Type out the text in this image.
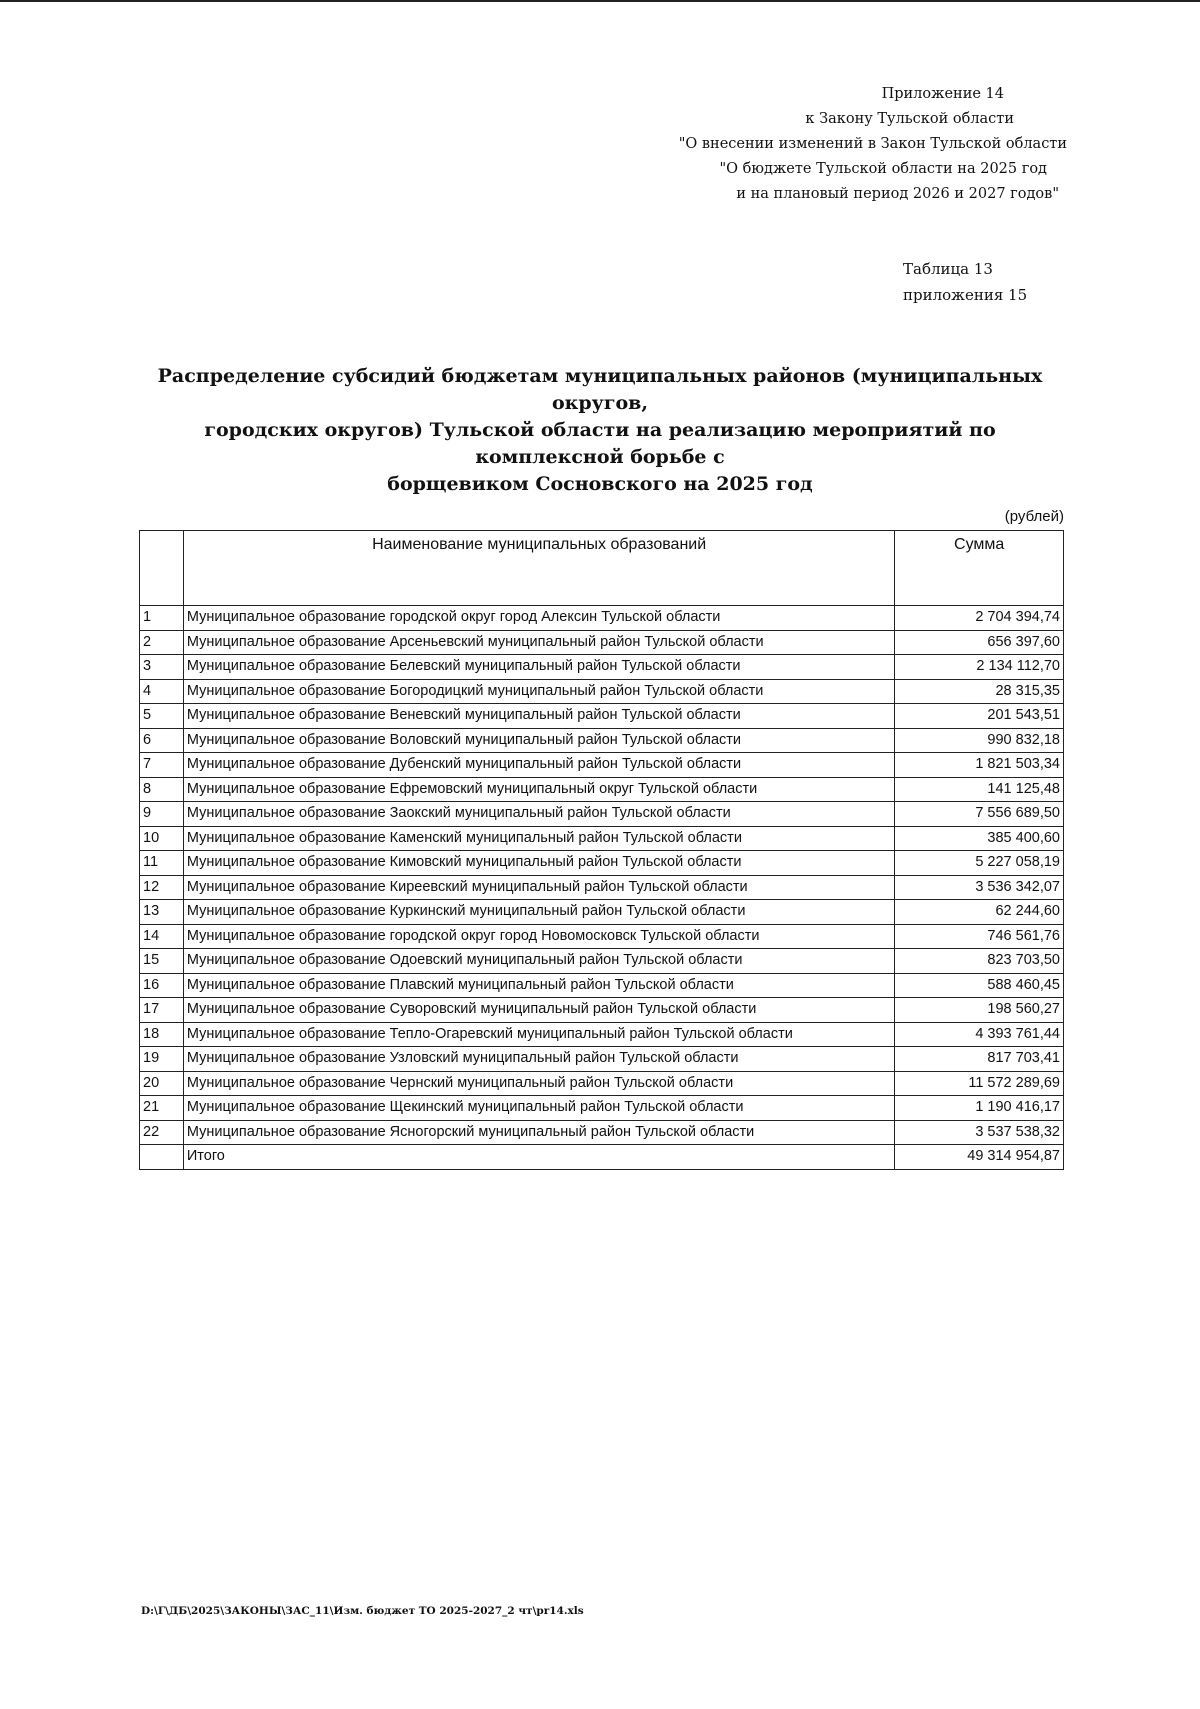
Приложение 14
к Закону Тульской области
"О внесении изменений в Закон Тульской области
"О бюджете Тульской области на 2025 год
и на плановый период 2026 и 2027 годов"
Таблица 13
приложения 15
Распределение субсидий бюджетам муниципальных районов (муниципальных округов,
городских округов) Тульской области на реализацию мероприятий по комплексной борьбе с
борщевиком Сосновского на 2025 год
(рублей)
	Наименование муниципальных образований	Сумма
1	Муниципальное образование городской округ город Алексин Тульской области	2 704 394,74
2	Муниципальное образование Арсеньевский муниципальный район Тульской области	656 397,60
3	Муниципальное образование Белевский муниципальный район Тульской области	2 134 112,70
4	Муниципальное образование Богородицкий муниципальный район Тульской области	28 315,35
5	Муниципальное образование Веневский муниципальный район Тульской области	201 543,51
6	Муниципальное образование Воловский муниципальный район Тульской области	990 832,18
7	Муниципальное образование Дубенский муниципальный район Тульской области	1 821 503,34
8	Муниципальное образование Ефремовский муниципальный округ Тульской области	141 125,48
9	Муниципальное образование Заокский муниципальный район Тульской области	7 556 689,50
10	Муниципальное образование Каменский муниципальный район Тульской области	385 400,60
11	Муниципальное образование Кимовский муниципальный район Тульской области	5 227 058,19
12	Муниципальное образование Киреевский муниципальный район Тульской области	3 536 342,07
13	Муниципальное образование Куркинский муниципальный район Тульской области	62 244,60
14	Муниципальное образование городской округ город Новомосковск Тульской области	746 561,76
15	Муниципальное образование Одоевский муниципальный район Тульской области	823 703,50
16	Муниципальное образование Плавский муниципальный район Тульской области	588 460,45
17	Муниципальное образование Суворовский муниципальный район Тульской области	198 560,27
18	Муниципальное образование Тепло-Огаревский муниципальный район Тульской области	4 393 761,44
19	Муниципальное образование Узловский муниципальный район Тульской области	817 703,41
20	Муниципальное образование Чернский муниципальный район Тульской области	11 572 289,69
21	Муниципальное образование Щекинский муниципальный район Тульской области	1 190 416,17
22	Муниципальное образование Ясногорский муниципальный район Тульской области	3 537 538,32
	Итого	49 314 954,87
D:\Г\ДБ\2025\ЗАКОНЫ\ЗАС_11\Изм. бюджет ТО 2025-2027_2 чт\pr14.xls
